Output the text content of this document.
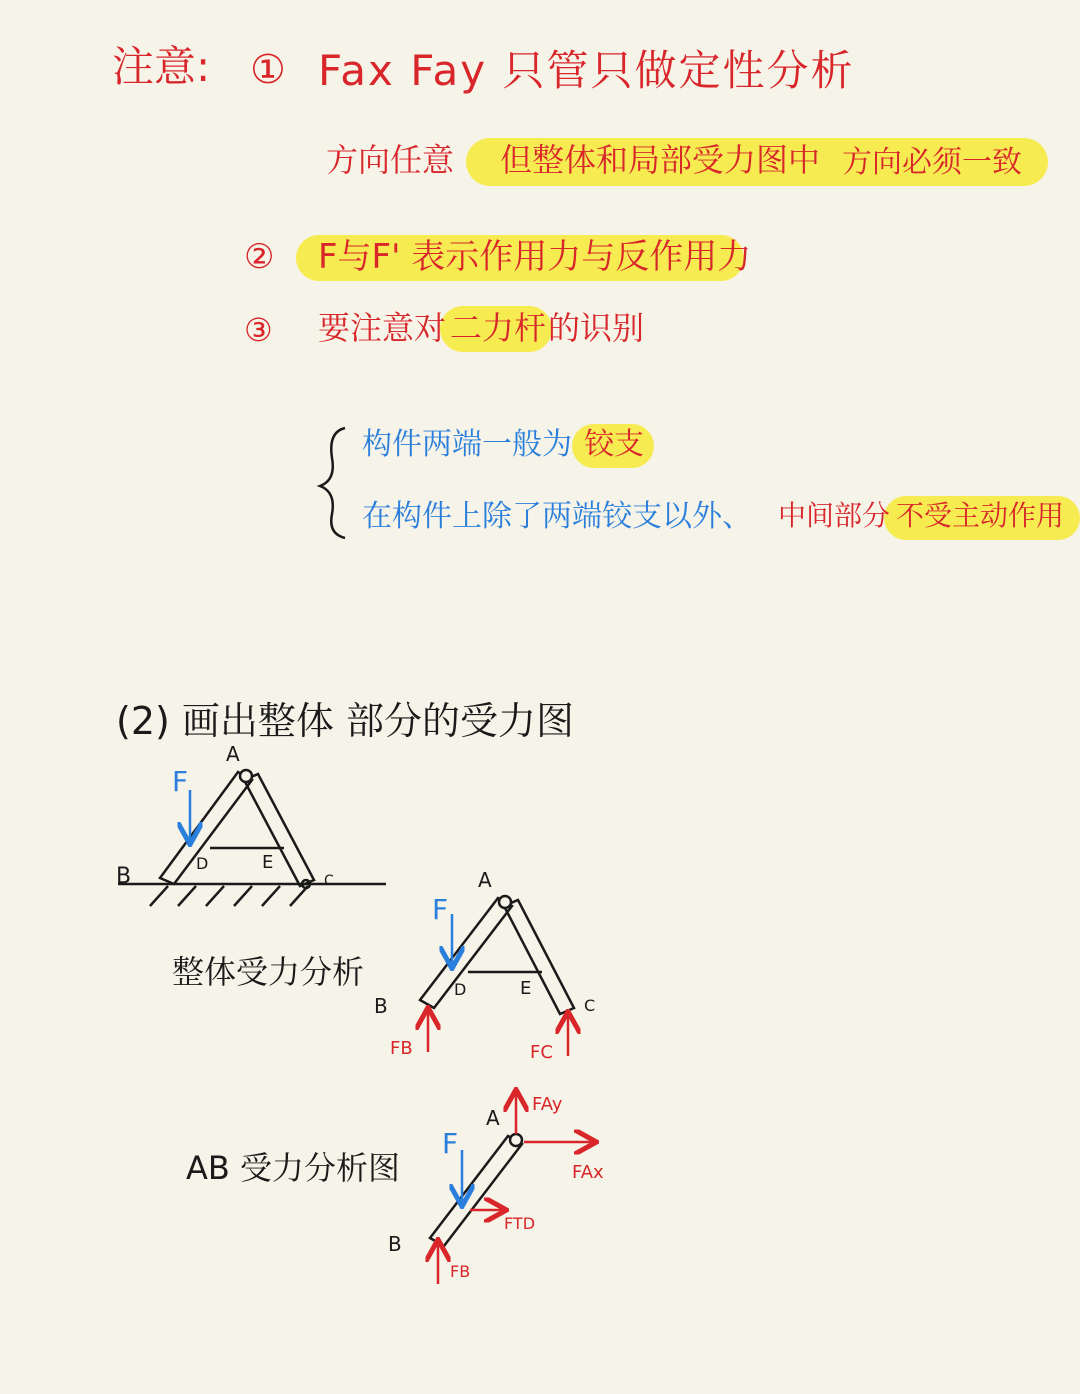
注意: ① Fax Fay 只管只做定性分析
方向任意 但整体和局部受力图中 方向必须一致
② F与F' 表示作用力与反作用力
③ 要注意对 二力杆 的识别
构件两端一般为 铰支
在构件上除了两端铰支以外、 中间部分 不受主动作用
(2) 画出整体 部分的受力图
整体受力分析
AB 受力分析图
A
F
B
D	E
C	A
F
B
D	E
C
FB	FC
A
F
FAy
FAx
FTD
B
FB
